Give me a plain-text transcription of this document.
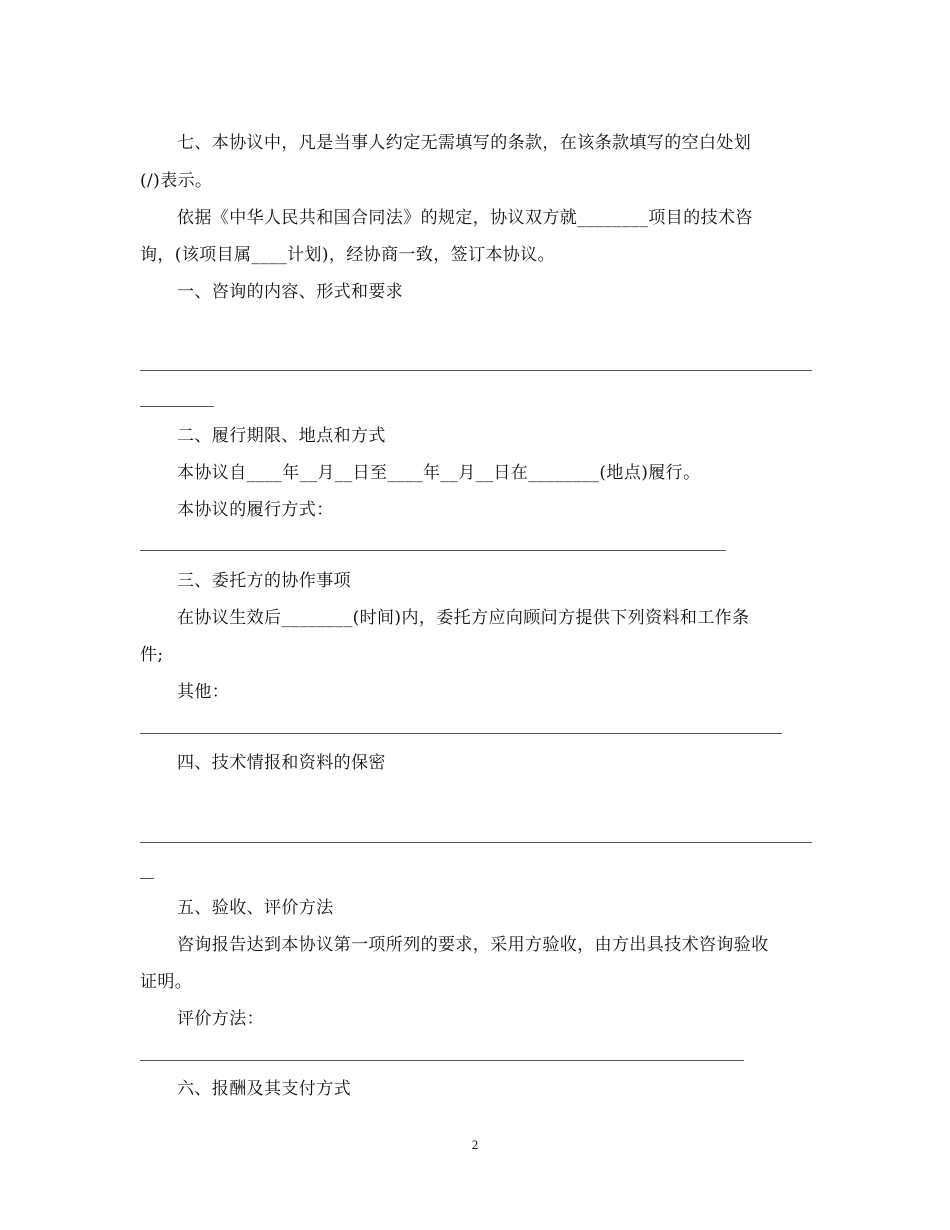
七、本协议中，凡是当事人约定无需填写的条款，在该条款填写的空白处划
(/)表示。
依据《中华人民共和国合同法》的规定，协议双方就________项目的技术咨
询，(该项目属____计划)，经协商一致，签订本协议。
一、咨询的内容、形式和要求
二、履行期限、地点和方式
本协议自____年__月__日至____年__月__日在________(地点)履行。
本协议的履行方式：
三、委托方的协作事项
在协议生效后________(时间)内，委托方应向顾问方提供下列资料和工作条
件;
其他：
四、技术情报和资料的保密
五、验收、评价方法
咨询报告达到本协议第一项所列的要求，采用方验收，由方出具技术咨询验收
证明。
评价方法：
六、报酬及其支付方式
2
